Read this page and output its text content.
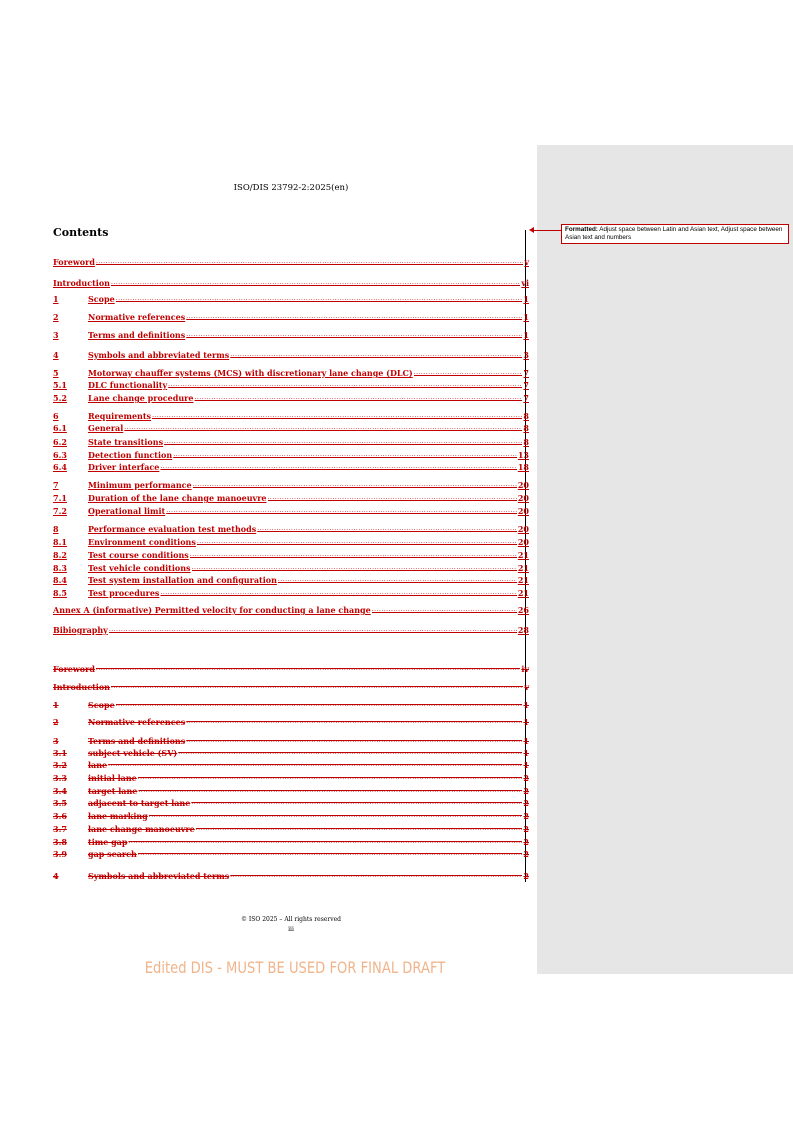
Formatted: Adjust space between Latin and Asian text, Adjust space between Asian text and numbers
ISO/DIS 23792-2:2025(en)
Contents
Foreword .....	v
Introduction .....	vi
1	Scope .....	1
2	Normative references .....	1
3	Terms and definitions .....	1
4	Symbols and abbreviated terms .....	3
5	Motorway chauffer systems (MCS) with discretionary lane change (DLC) .....	7
5.1	DLC functionality .....	7
5.2	Lane change procedure .....	7
6	Requirements .....	8
6.1	General .....	8
6.2	State transitions .....	8
6.3	Detection function .....	13
6.4	Driver interface .....	18
7	Minimum performance .....	20
7.1	Duration of the lane change manoeuvre .....	20
7.2	Operational limit .....	20
8	Performance evaluation test methods .....	20
8.1	Environment conditions .....	20
8.2	Test course conditions .....	21
8.3	Test vehicle conditions .....	21
8.4	Test system installation and configuration .....	21
8.5	Test procedures .....	21
Annex A (informative) Permitted velocity for conducting a lane change .....	26
Bibiography .....	28
Foreword .....	iv
Introduction .....	v
1	Scope .....	1
2	Normative references .....	1
3	Terms and definitions .....	1
3.1	subject vehicle (SV) .....	1
3.2	lane .....	1
3.3	initial lane .....	2
3.4	target lane .....	2
3.5	adjacent to target lane .....	2
3.6	lane marking .....	2
3.7	lane change manoeuvre .....	2
3.8	time gap .....	2
3.9	gap search .....	2
4	Symbols and abbreviated terms .....	2
© ISO 2025 – All rights reserved
iii
Edited DIS - MUST BE USED FOR FINAL DRAFT
